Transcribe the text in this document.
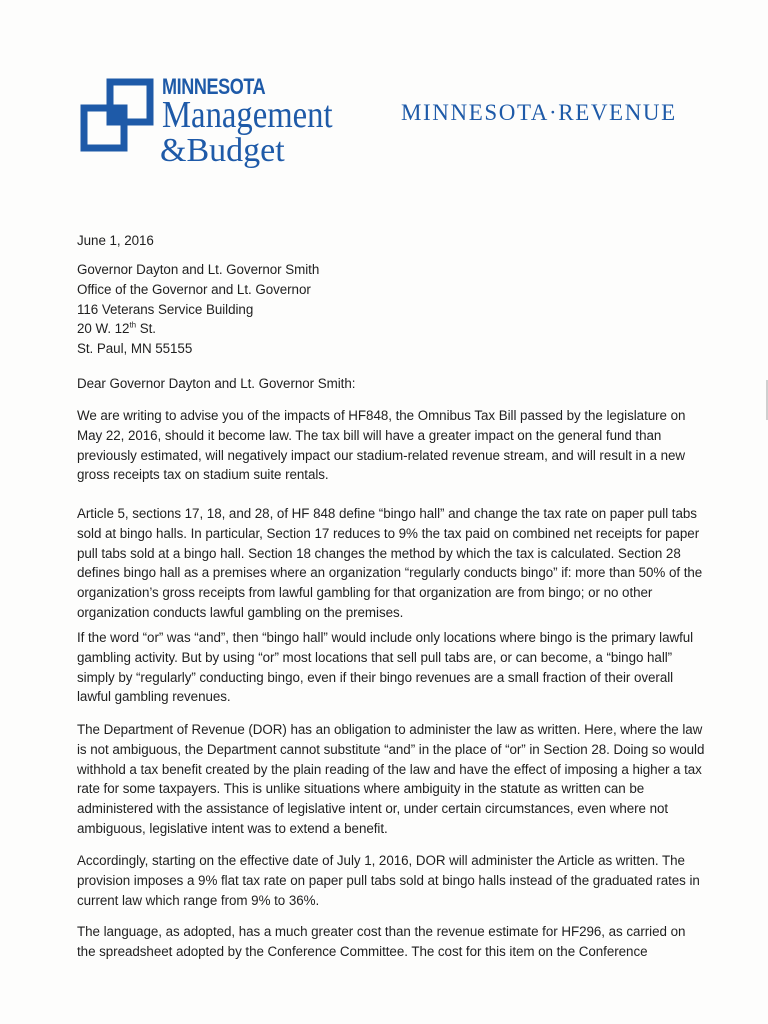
MINNESOTA
Management
&Budget
MINNESOTA·REVENUE
June 1, 2016
Governor Dayton and Lt. Governor Smith
Office of the Governor and Lt. Governor
116 Veterans Service Building
20 W. 12th St.
St. Paul, MN 55155
Dear Governor Dayton and Lt. Governor Smith:

We are writing to advise you of the impacts of HF848, the Omnibus Tax Bill passed by the legislature on May 22, 2016, should it become law. The tax bill will have a greater impact on the general fund than previously estimated, will negatively impact our stadium-related revenue stream, and will result in a new gross receipts tax on stadium suite rentals.

Article 5, sections 17, 18, and 28, of HF 848 define “bingo hall” and change the tax rate on paper pull tabs sold at bingo halls. In particular, Section 17 reduces to 9% the tax paid on combined net receipts for paper pull tabs sold at a bingo hall. Section 18 changes the method by which the tax is calculated. Section 28 defines bingo hall as a premises where an organization “regularly conducts bingo” if: more than 50% of the organization’s gross receipts from lawful gambling for that organization are from bingo; or no other organization conducts lawful gambling on the premises.

If the word “or” was “and”, then “bingo hall” would include only locations where bingo is the primary lawful gambling activity. But by using “or” most locations that sell pull tabs are, or can become, a “bingo hall” simply by “regularly” conducting bingo, even if their bingo revenues are a small fraction of their overall lawful gambling revenues.

The Department of Revenue (DOR) has an obligation to administer the law as written. Here, where the law is not ambiguous, the Department cannot substitute “and” in the place of “or” in Section 28. Doing so would withhold a tax benefit created by the plain reading of the law and have the effect of imposing a higher a tax rate for some taxpayers. This is unlike situations where ambiguity in the statute as written can be administered with the assistance of legislative intent or, under certain circumstances, even where not ambiguous, legislative intent was to extend a benefit.

Accordingly, starting on the effective date of July 1, 2016, DOR will administer the Article as written. The provision imposes a 9% flat tax rate on paper pull tabs sold at bingo halls instead of the graduated rates in current law which range from 9% to 36%.

The language, as adopted, has a much greater cost than the revenue estimate for HF296, as carried on the spreadsheet adopted by the Conference Committee. The cost for this item on the Conference
